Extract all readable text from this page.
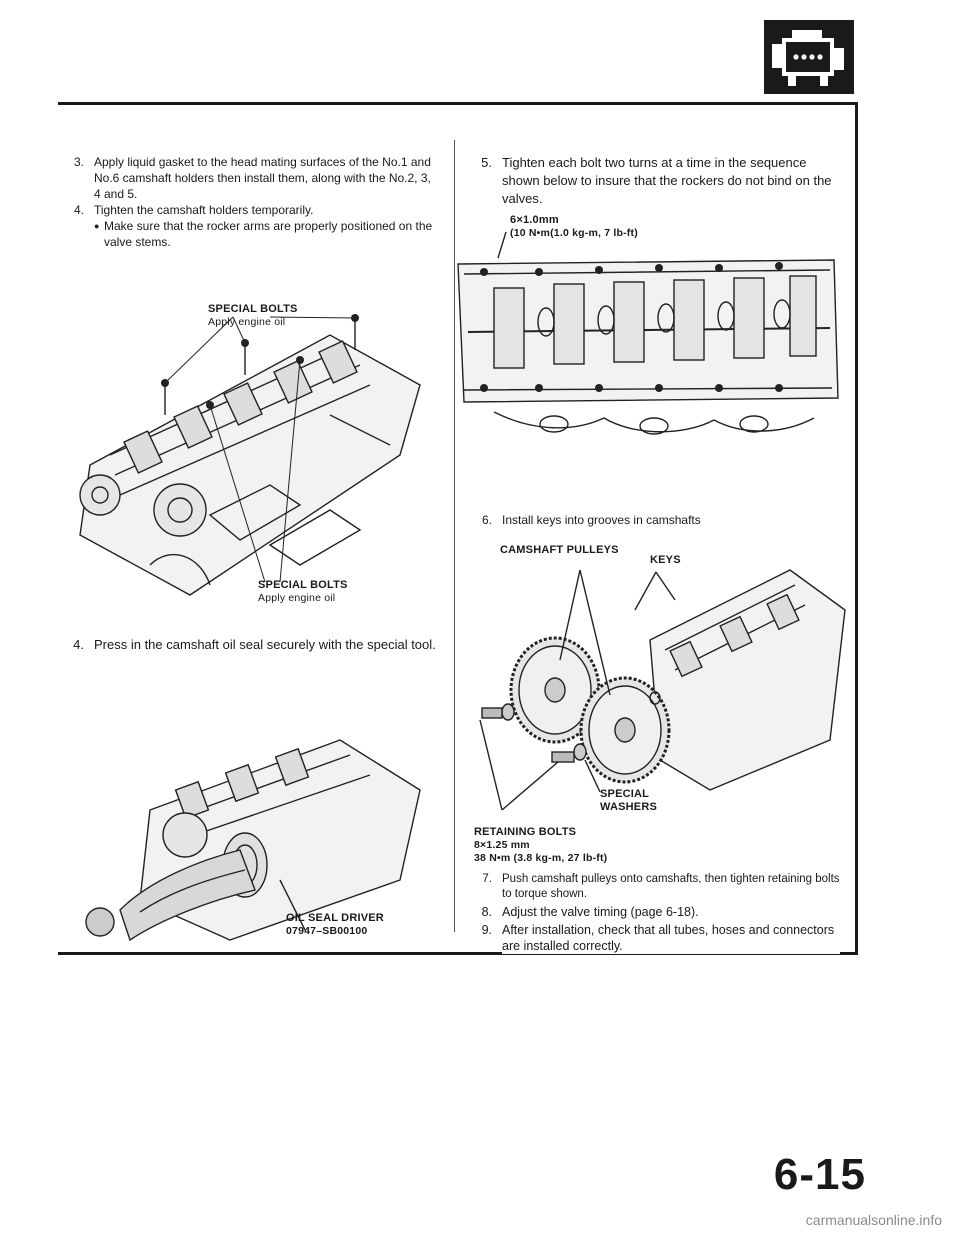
3. Apply liquid gasket to the head mating surfaces of the No.1 and No.6 camshaft holders then install them, along with the No.2, 3, 4 and 5.
4. Tighten the camshaft holders temporarily.
● Make sure that the rocker arms are properly positioned on the valve stems.
SPECIAL BOLTS
Apply engine oil
SPECIAL BOLTS
Apply engine oil
4. Press in the camshaft oil seal securely with the special tool.
OIL SEAL DRIVER
07947–SB00100
5. Tighten each bolt two turns at a time in the sequence shown below to insure that the rockers do not bind on the valves.
6×1.0mm
(10 N•m(1.0 kg-m, 7 lb-ft)
6. Install keys into grooves in camshafts
CAMSHAFT PULLEYS
KEYS
SPECIAL
WASHERS
RETAINING BOLTS
8×1.25 mm
38 N•m (3.8 kg-m, 27 lb-ft)
7. Push camshaft pulleys onto camshafts, then tighten retaining bolts to torque shown.
8. Adjust the valve timing (page 6-18).
9. After installation, check that all tubes, hoses and connectors are installed correctly.
6-15
carmanualsonline.info
